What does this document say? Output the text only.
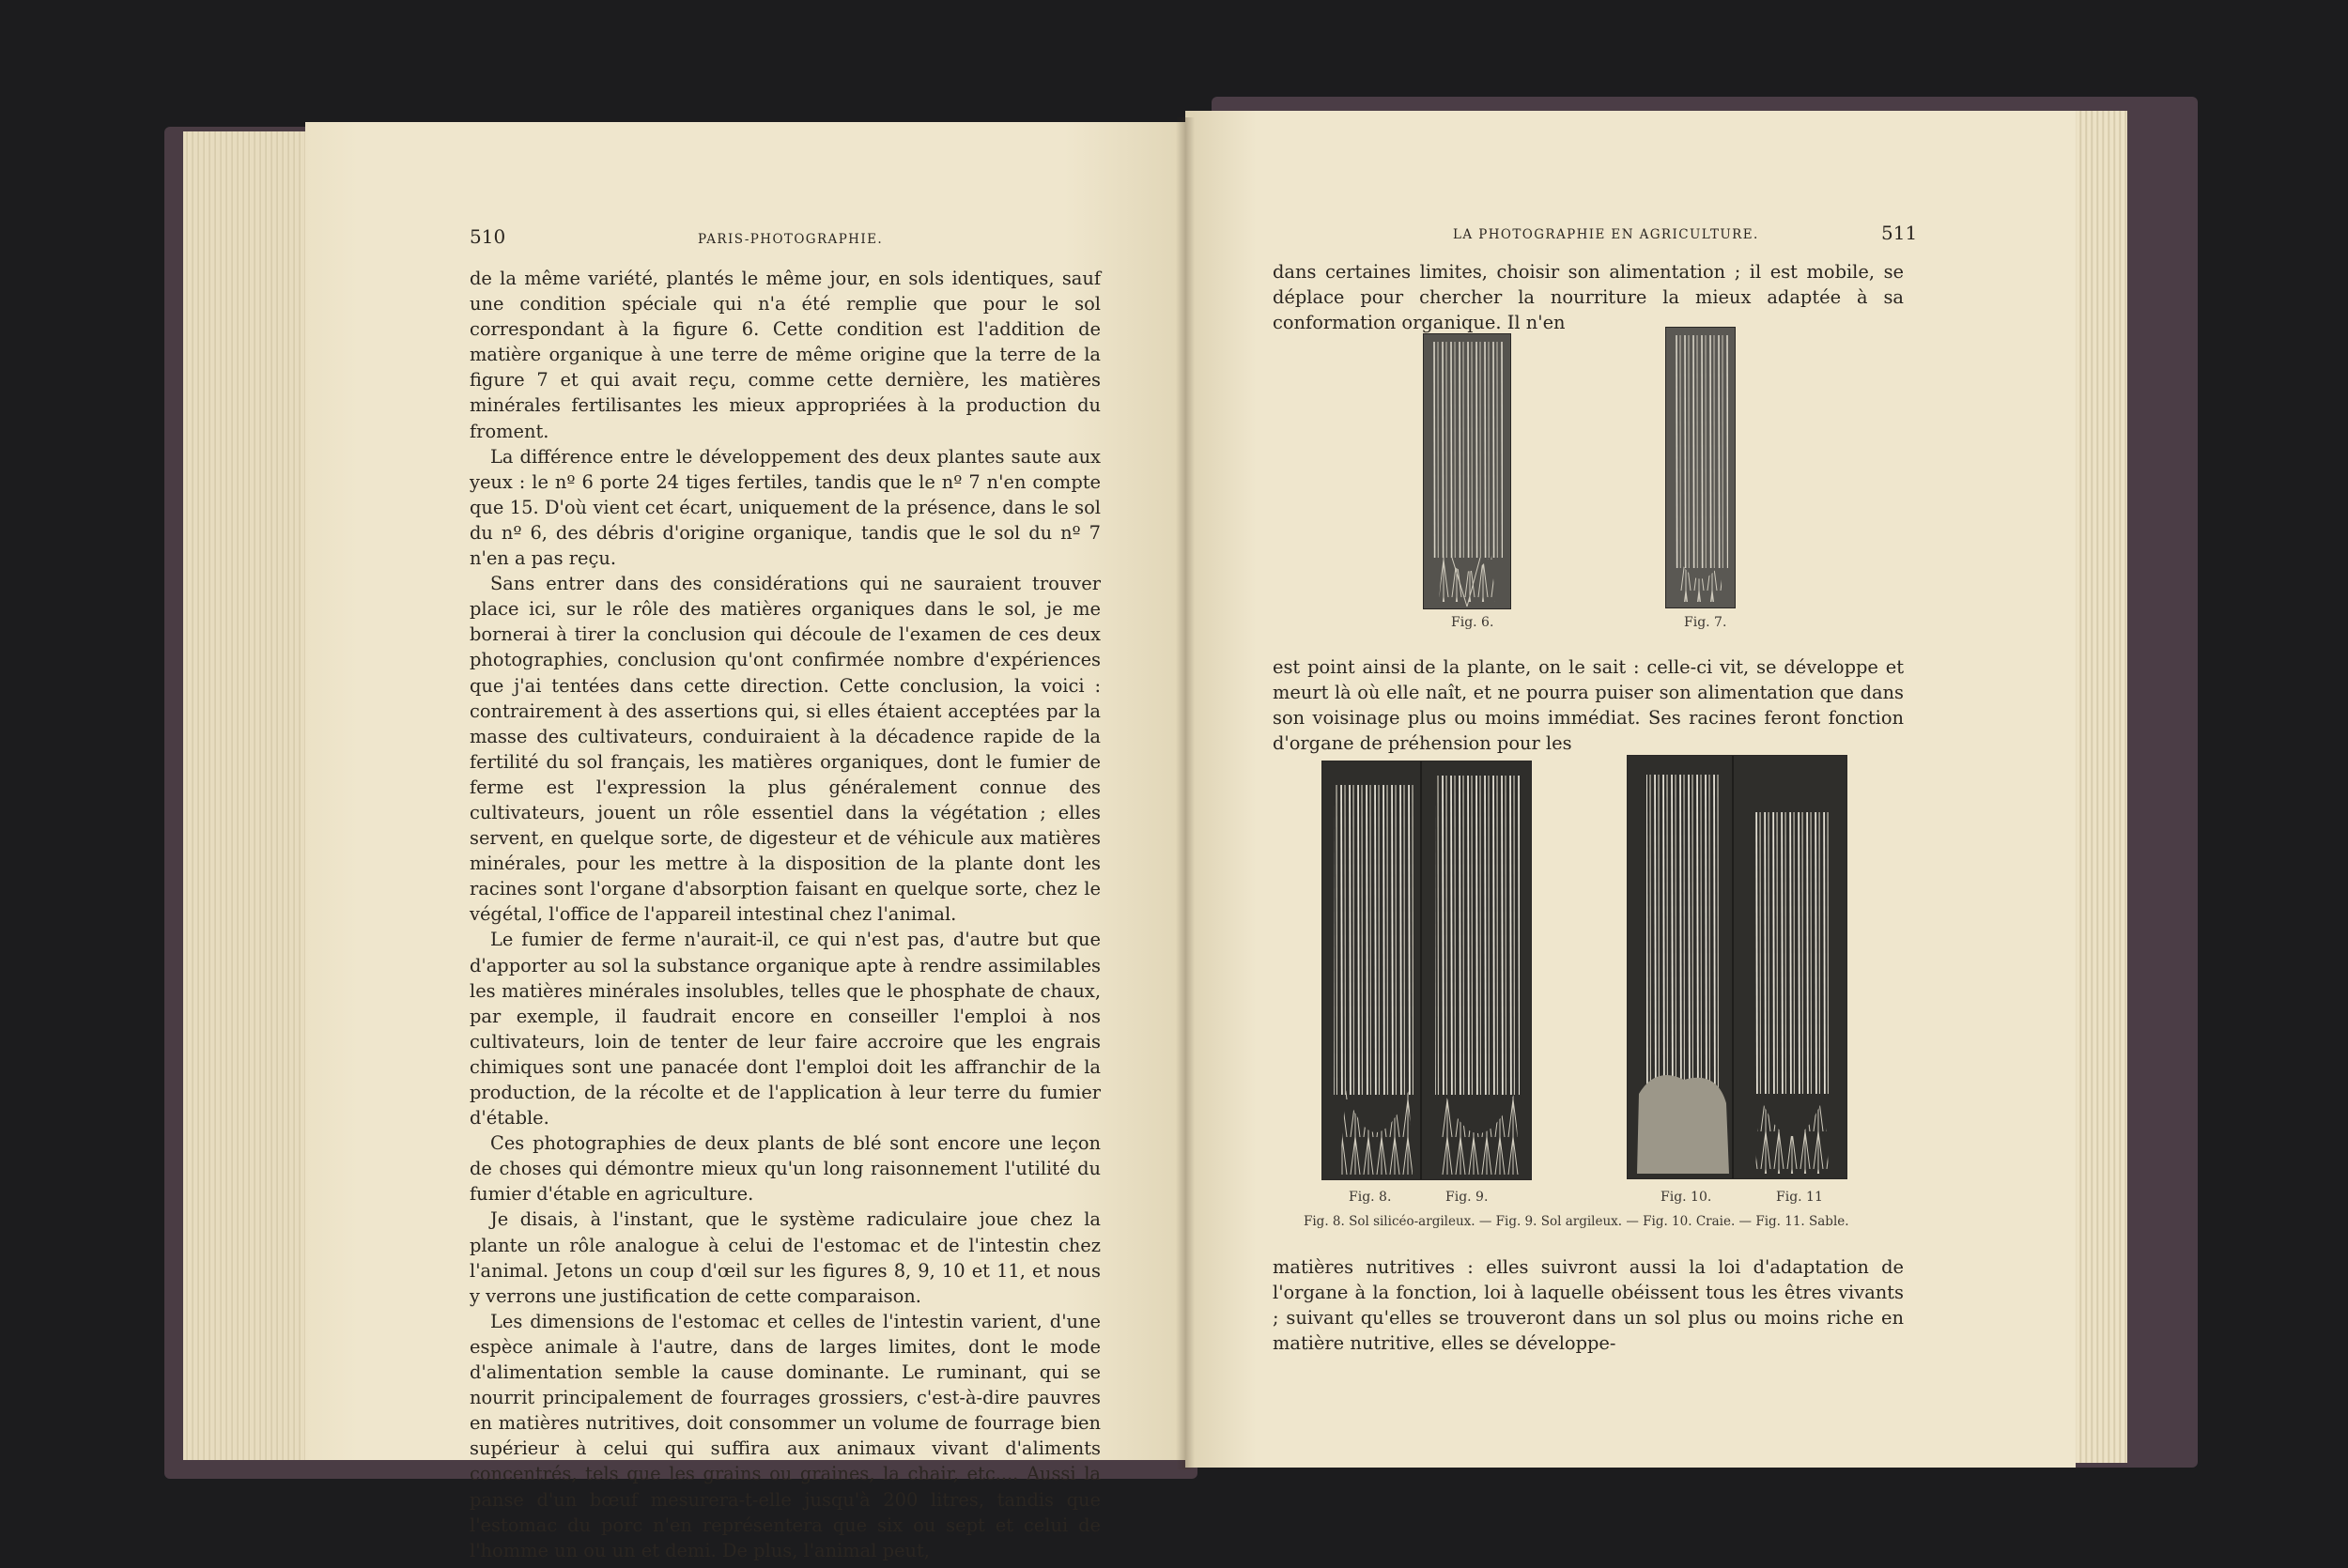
510	PARIS-PHOTOGRAPHIE.

de la même variété, plantés le même jour, en sols identiques, sauf une condition spéciale qui n'a été remplie que pour le sol correspondant à la figure 6. Cette condition est l'addition de matière organique à une terre de même origine que la terre de la figure 7 et qui avait reçu, comme cette dernière, les matières minérales fertilisantes les mieux appropriées à la production du froment.

La différence entre le développement des deux plantes saute aux yeux : le nº 6 porte 24 tiges fertiles, tandis que le nº 7 n'en compte que 15. D'où vient cet écart, uniquement de la présence, dans le sol du nº 6, des débris d'origine organique, tandis que le sol du nº 7 n'en a pas reçu.

Sans entrer dans des considérations qui ne sauraient trouver place ici, sur le rôle des matières organiques dans le sol, je me bornerai à tirer la conclusion qui découle de l'examen de ces deux photographies, conclusion qu'ont confirmée nombre d'expériences que j'ai tentées dans cette direction. Cette conclusion, la voici : contrairement à des assertions qui, si elles étaient acceptées par la masse des cultivateurs, conduiraient à la décadence rapide de la fertilité du sol français, les matières organiques, dont le fumier de ferme est l'expression la plus généralement connue des cultivateurs, jouent un rôle essentiel dans la végétation ; elles servent, en quelque sorte, de digesteur et de véhicule aux matières minérales, pour les mettre à la disposition de la plante dont les racines sont l'organe d'absorption faisant en quelque sorte, chez le végétal, l'office de l'appareil intestinal chez l'animal.

Le fumier de ferme n'aurait-il, ce qui n'est pas, d'autre but que d'apporter au sol la substance organique apte à rendre assimilables les matières minérales insolubles, telles que le phosphate de chaux, par exemple, il faudrait encore en conseiller l'emploi à nos cultivateurs, loin de tenter de leur faire accroire que les engrais chimiques sont une panacée dont l'emploi doit les affranchir de la production, de la récolte et de l'application à leur terre du fumier d'étable.

Ces photographies de deux plants de blé sont encore une leçon de choses qui démontre mieux qu'un long raisonnement l'utilité du fumier d'étable en agriculture.

Je disais, à l'instant, que le système radiculaire joue chez la plante un rôle analogue à celui de l'estomac et de l'intestin chez l'animal. Jetons un coup d'œil sur les figures 8, 9, 10 et 11, et nous y verrons une justification de cette comparaison.

Les dimensions de l'estomac et celles de l'intestin varient, d'une espèce animale à l'autre, dans de larges limites, dont le mode d'alimentation semble la cause dominante. Le ruminant, qui se nourrit principalement de fourrages grossiers, c'est-à-dire pauvres en matières nutritives, doit consommer un volume de fourrage bien supérieur à celui qui suffira aux animaux vivant d'aliments concentrés, tels que les grains ou graines, la chair, etc.... Aussi la panse d'un bœuf mesurera-t-elle jusqu'à 200 litres, tandis que l'estomac du porc n'en représentera que six ou sept et celui de l'homme un ou un et demi. De plus, l'animal peut,

LA PHOTOGRAPHIE EN AGRICULTURE.	511

dans certaines limites, choisir son alimentation ; il est mobile, se déplace pour chercher la nourriture la mieux adaptée à sa conformation organique. Il n'en

Fig. 6.	Fig. 7.

est point ainsi de la plante, on le sait : celle-ci vit, se développe et meurt là où elle naît, et ne pourra puiser son alimentation que dans son voisinage plus ou moins immédiat. Ses racines feront fonction d'organe de préhension pour les

Fig. 8.	Fig. 9.	Fig. 10.	Fig. 11
Fig. 8. Sol silicéo-argileux. — Fig. 9. Sol argileux. — Fig. 10. Craie. — Fig. 11. Sable.

matières nutritives : elles suivront aussi la loi d'adaptation de l'organe à la fonction, loi à laquelle obéissent tous les êtres vivants ; suivant qu'elles se trouveront dans un sol plus ou moins riche en matière nutritive, elles se développe-
